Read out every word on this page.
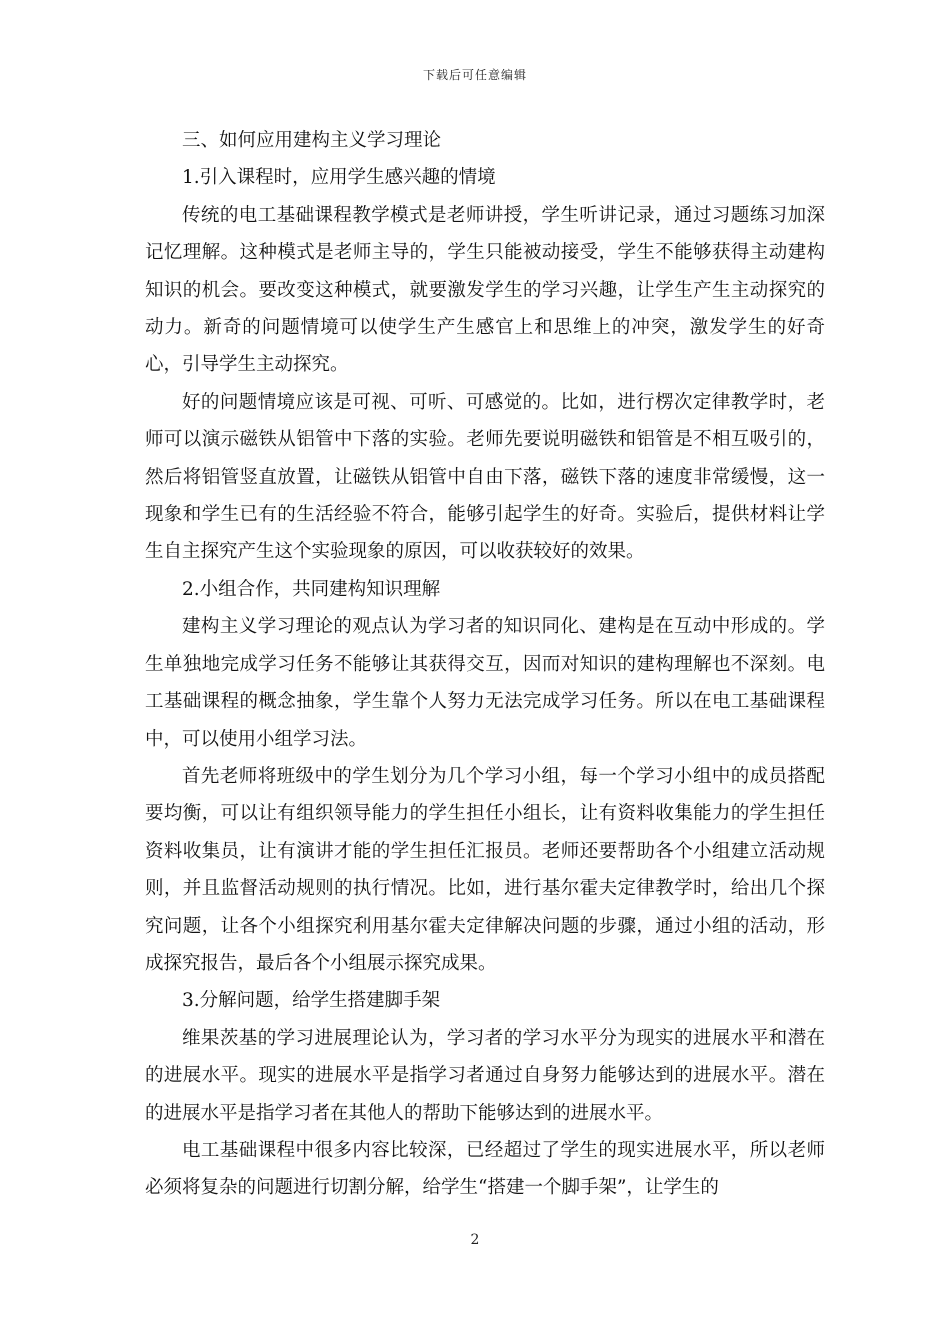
下载后可任意编辑

三、如何应用建构主义学习理论

1.引入课程时，应用学生感兴趣的情境

传统的电工基础课程教学模式是老师讲授，学生听讲记录，通过习题练习加深记忆理解。这种模式是老师主导的，学生只能被动接受，学生不能够获得主动建构知识的机会。要改变这种模式，就要激发学生的学习兴趣，让学生产生主动探究的动力。新奇的问题情境可以使学生产生感官上和思维上的冲突，激发学生的好奇心，引导学生主动探究。

好的问题情境应该是可视、可听、可感觉的。比如，进行楞次定律教学时，老师可以演示磁铁从铝管中下落的实验。老师先要说明磁铁和铝管是不相互吸引的，然后将铝管竖直放置，让磁铁从铝管中自由下落，磁铁下落的速度非常缓慢，这一现象和学生已有的生活经验不符合，能够引起学生的好奇。实验后，提供材料让学生自主探究产生这个实验现象的原因，可以收获较好的效果。

2.小组合作，共同建构知识理解

建构主义学习理论的观点认为学习者的知识同化、建构是在互动中形成的。学生单独地完成学习任务不能够让其获得交互，因而对知识的建构理解也不深刻。电工基础课程的概念抽象，学生靠个人努力无法完成学习任务。所以在电工基础课程中，可以使用小组学习法。

首先老师将班级中的学生划分为几个学习小组，每一个学习小组中的成员搭配要均衡，可以让有组织领导能力的学生担任小组长，让有资料收集能力的学生担任资料收集员，让有演讲才能的学生担任汇报员。老师还要帮助各个小组建立活动规则，并且监督活动规则的执行情况。比如，进行基尔霍夫定律教学时，给出几个探究问题，让各个小组探究利用基尔霍夫定律解决问题的步骤，通过小组的活动，形成探究报告，最后各个小组展示探究成果。

3.分解问题，给学生搭建脚手架

维果茨基的学习进展理论认为，学习者的学习水平分为现实的进展水平和潜在的进展水平。现实的进展水平是指学习者通过自身努力能够达到的进展水平。潜在的进展水平是指学习者在其他人的帮助下能够达到的进展水平。

电工基础课程中很多内容比较深，已经超过了学生的现实进展水平，所以老师必须将复杂的问题进行切割分解，给学生“搭建一个脚手架”，让学生的

2
